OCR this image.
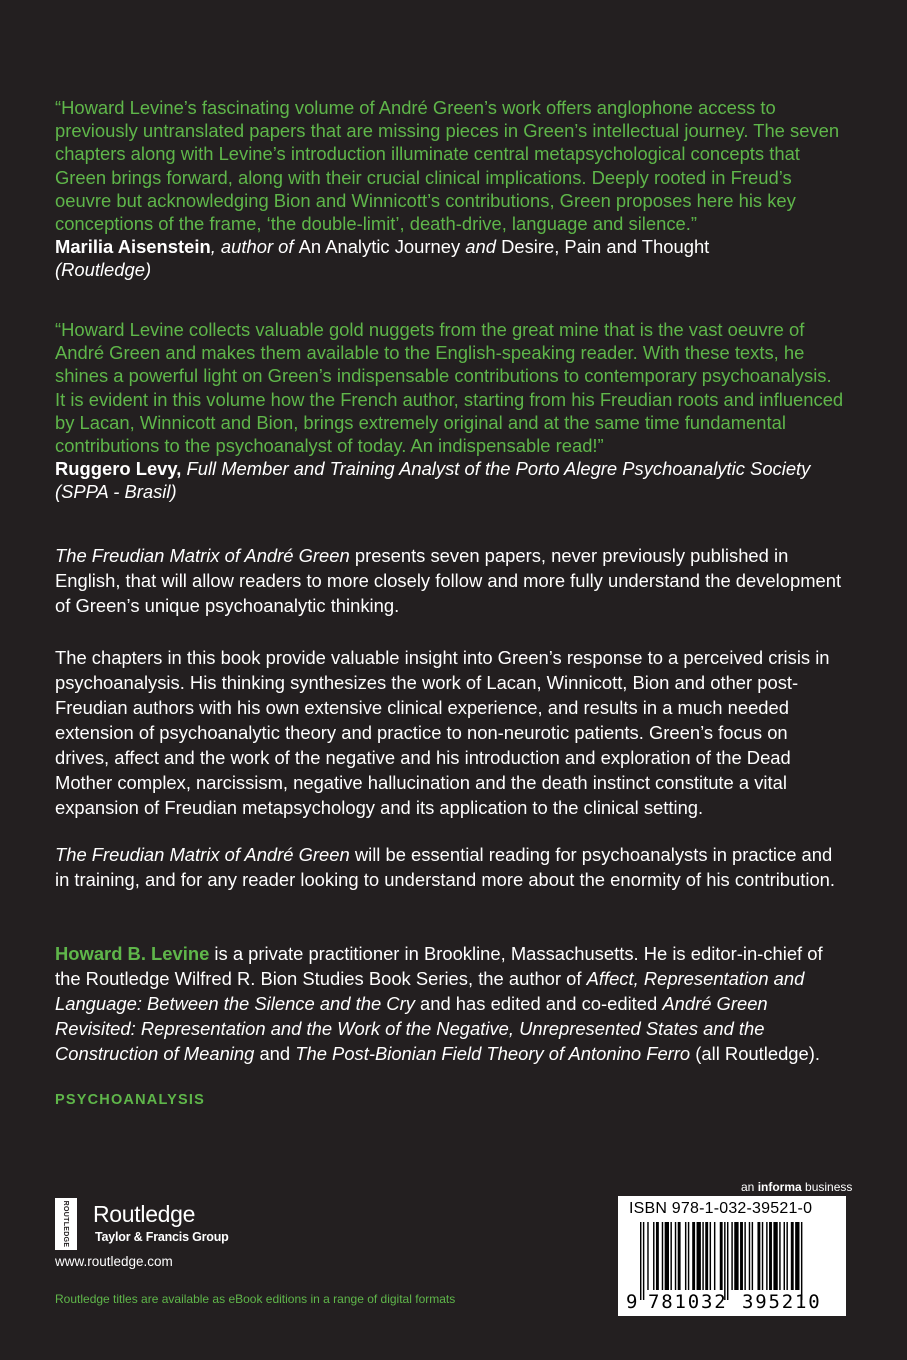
“Howard Levine’s fascinating volume of André Green’s work offers anglophone access to previously untranslated papers that are missing pieces in Green’s intellectual journey. The seven chapters along with Levine’s introduction illuminate central metapsychological concepts that Green brings forward, along with their crucial clinical implications. Deeply rooted in Freud’s oeuvre but acknowledging Bion and Winnicott’s contributions, Green proposes here his key conceptions of the frame, ‘the double-limit’, death-drive, language and silence.”

Marilia Aisenstein, author of An Analytic Journey and Desire, Pain and Thought
(Routledge)

“Howard Levine collects valuable gold nuggets from the great mine that is the vast oeuvre of André Green and makes them available to the English-speaking reader. With these texts, he shines a powerful light on Green’s indispensable contributions to contemporary psychoanalysis. It is evident in this volume how the French author, starting from his Freudian roots and influenced by Lacan, Winnicott and Bion, brings extremely original and at the same time fundamental contributions to the psychoanalyst of today. An indispensable read!”

Ruggero Levy, Full Member and Training Analyst of the Porto Alegre Psychoanalytic Society (SPPA - Brasil)

The Freudian Matrix of André Green presents seven papers, never previously published in English, that will allow readers to more closely follow and more fully understand the development of Green’s unique psychoanalytic thinking.

The chapters in this book provide valuable insight into Green’s response to a perceived crisis in psychoanalysis. His thinking synthesizes the work of Lacan, Winnicott, Bion and other post-Freudian authors with his own extensive clinical experience, and results in a much needed extension of psychoanalytic theory and practice to non-neurotic patients. Green’s focus on drives, affect and the work of the negative and his introduction and exploration of the Dead Mother complex, narcissism, negative hallucination and the death instinct constitute a vital expansion of Freudian metapsychology and its application to the clinical setting.

The Freudian Matrix of André Green will be essential reading for psychoanalysts in practice and in training, and for any reader looking to understand more about the enormity of his contribution.

Howard B. Levine is a private practitioner in Brookline, Massachusetts. He is editor-in-chief of the Routledge Wilfred R. Bion Studies Book Series, the author of Affect, Representation and Language: Between the Silence and the Cry and has edited and co-edited André Green Revisited: Representation and the Work of the Negative, Unrepresented States and the Construction of Meaning and The Post-Bionian Field Theory of Antonino Ferro (all Routledge).

PSYCHOANALYSIS
ROUTLEDGE Routledge
Taylor & Francis Group
www.routledge.com
Routledge titles are available as eBook editions in a range of digital formats
an informa business
ISBN 978-1-032-39521-0
9 781032 395210
